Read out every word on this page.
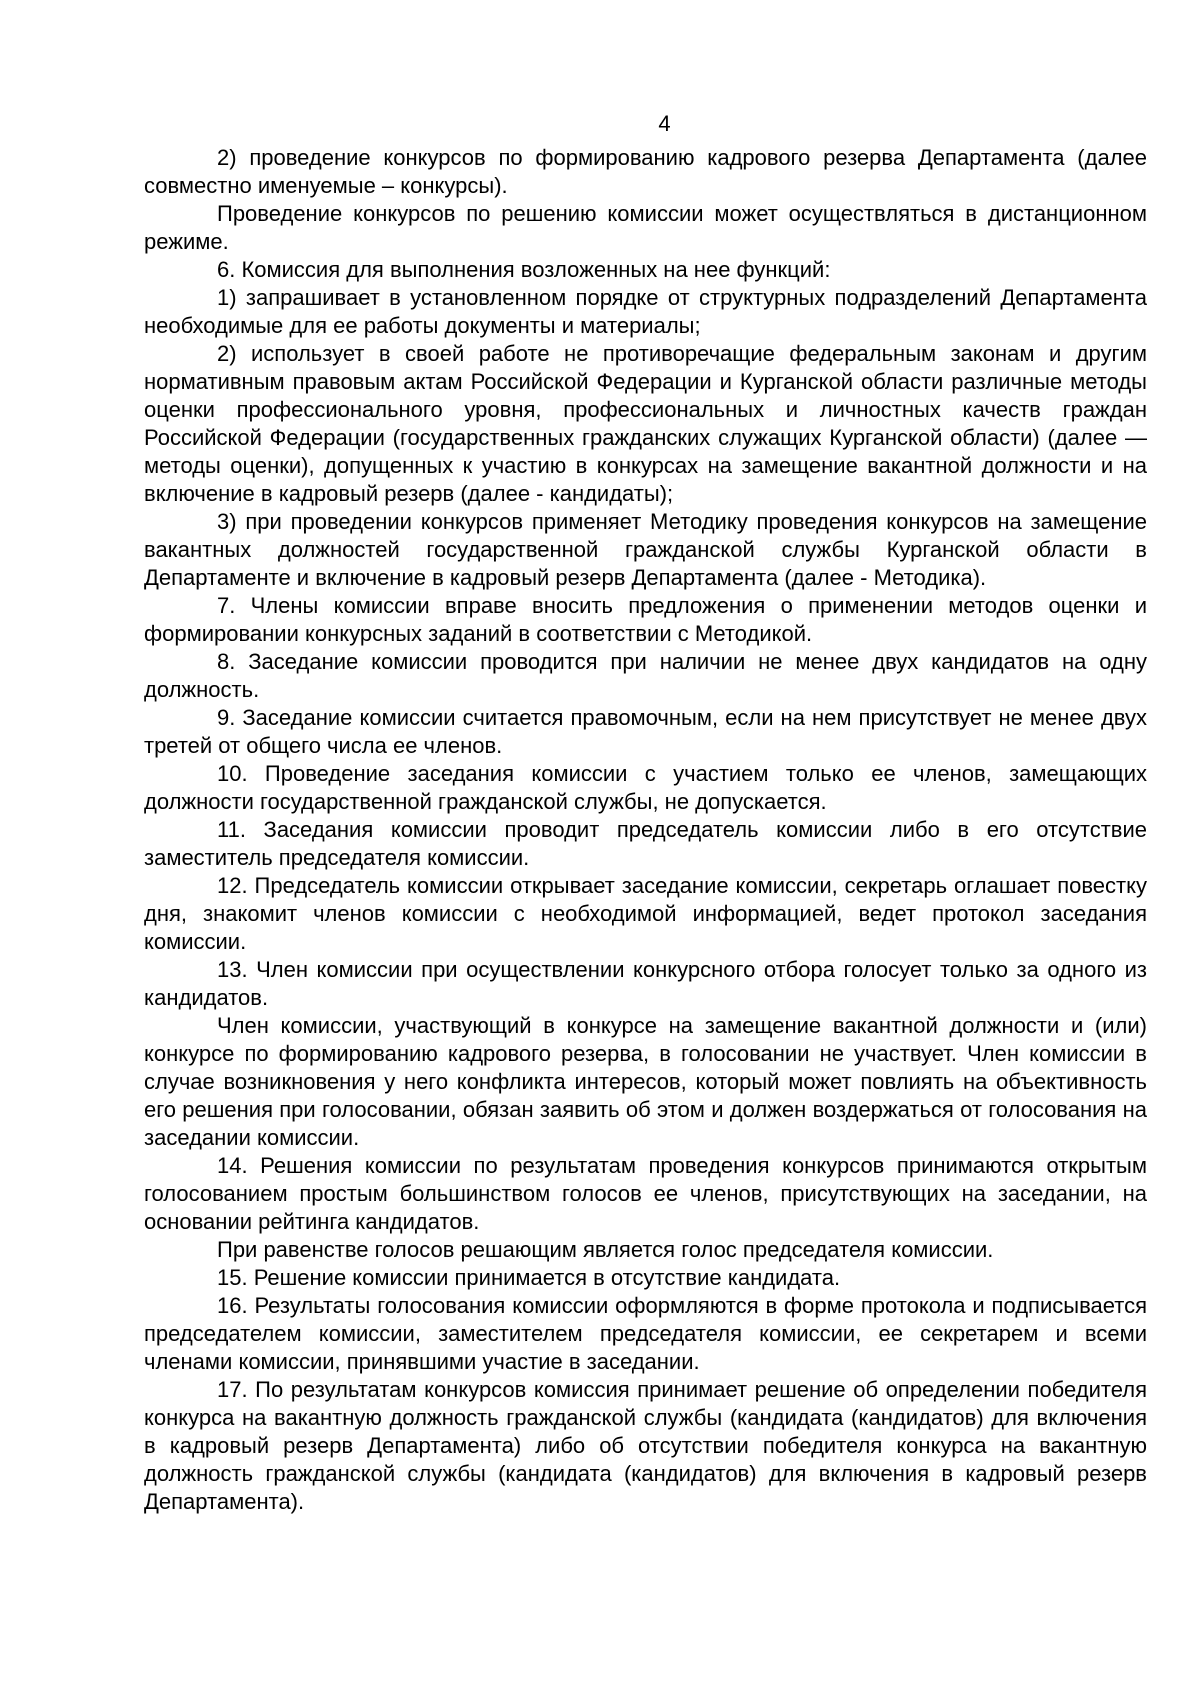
4

2) проведение конкурсов по формированию кадрового резерва Департамента (далее совместно именуемые – конкурсы).

Проведение конкурсов по решению комиссии может осуществляться в дистанционном режиме.

6. Комиссия для выполнения возложенных на нее функций:

1) запрашивает в установленном порядке от структурных подразделений Департамента необходимые для ее работы документы и материалы;

2) использует в своей работе не противоречащие федеральным законам и другим нормативным правовым актам Российской Федерации и Курганской области различные методы оценки профессионального уровня, профессиональных и личностных качеств граждан Российской Федерации (государственных гражданских служащих Курганской области) (далее — методы оценки), допущенных к участию в конкурсах на замещение вакантной должности и на включение в кадровый резерв (далее - кандидаты);

3) при проведении конкурсов применяет Методику проведения конкурсов на замещение вакантных должностей государственной гражданской службы Курганской области в Департаменте и включение в кадровый резерв Департамента (далее - Методика).

7. Члены комиссии вправе вносить предложения о применении методов оценки и формировании конкурсных заданий в соответствии с Методикой.

8. Заседание комиссии проводится при наличии не менее двух кандидатов на одну должность.

9. Заседание комиссии считается правомочным, если на нем присутствует не менее двух третей от общего числа ее членов.

10. Проведение заседания комиссии с участием только ее членов, замещающих должности государственной гражданской службы, не допускается.

11. Заседания комиссии проводит председатель комиссии либо в его отсутствие заместитель председателя комиссии.

12. Председатель комиссии открывает заседание комиссии, секретарь оглашает повестку дня, знакомит членов комиссии с необходимой информацией, ведет протокол заседания комиссии.

13. Член комиссии при осуществлении конкурсного отбора голосует только за одного из кандидатов.

Член комиссии, участвующий в конкурсе на замещение вакантной должности и (или) конкурсе по формированию кадрового резерва, в голосовании не участвует. Член комиссии в случае возникновения у него конфликта интересов, который может повлиять на объективность его решения при голосовании, обязан заявить об этом и должен воздержаться от голосования на заседании комиссии.

14. Решения комиссии по результатам проведения конкурсов принимаются открытым голосованием простым большинством голосов ее членов, присутствующих на заседании, на основании рейтинга кандидатов.

При равенстве голосов решающим является голос председателя комиссии.

15. Решение комиссии принимается в отсутствие кандидата.

16. Результаты голосования комиссии оформляются в форме протокола и подписывается председателем комиссии, заместителем председателя комиссии, ее секретарем и всеми членами комиссии, принявшими участие в заседании.

17. По результатам конкурсов комиссия принимает решение об определении победителя конкурса на вакантную должность гражданской службы (кандидата (кандидатов) для включения в кадровый резерв Департамента) либо об отсутствии победителя конкурса на вакантную должность гражданской службы (кандидата (кандидатов) для включения в кадровый резерв Департамента).
